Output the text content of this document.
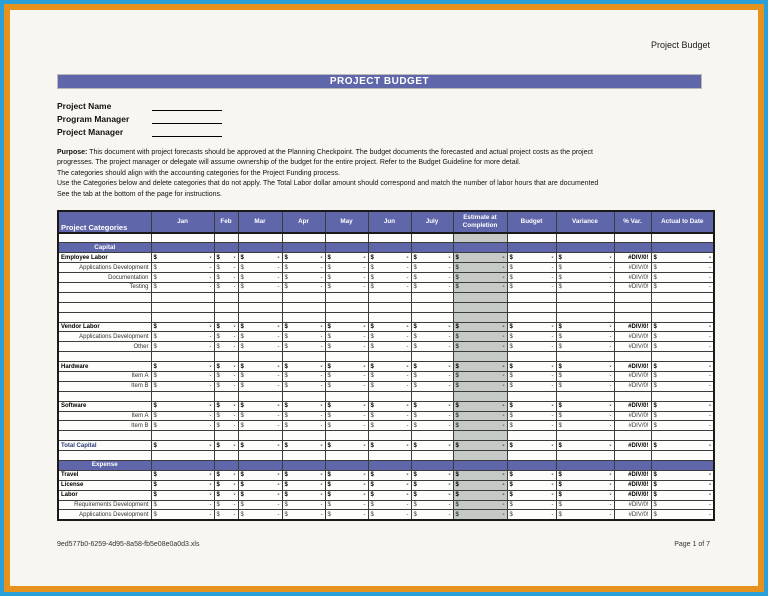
Project Budget
PROJECT BUDGET
Project Name
Program Manager
Project Manager
Purpose: This document with project forecasts should be approved at the Planning Checkpoint. The budget documents the forecasted and actual project costs as the project
progresses. The project manager or delegate will assume ownership of the budget for the entire project. Refer to the Budget Guideline for more detail.
The categories should align with the accounting categories for the Project Funding process.
Use the Categories below and delete categories that do not apply. The Total Labor dollar amount should correspond and match the number of labor hours that are documented
See the tab at the bottom of the page for instructions.
Project Categories	Jan	Feb	Mar	Apr	May	Jun	July	Estimate at Completion	Budget	Variance	% Var.	Actual to Date

Capital												
Employee Labor	$ -	$ -	$ -	$ -	$ -	$ -	$ -	$ -	$ -	$ -	#DIV/0!	$ -

Applications Development	$ -	$ -	$ -	$ -	$ -	$ -	$ -	$ -	$ -	$ -	#DIV/0!	$ -

Documentation	$ -	$ -	$ -	$ -	$ -	$ -	$ -	$ -	$ -	$ -	#DIV/0!	$ -

Testing	$ -	$ -	$ -	$ -	$ -	$ -	$ -	$ -	$ -	$ -	#DIV/0!	$ -

Vendor Labor	$ -	$ -	$ -	$ -	$ -	$ -	$ -	$ -	$ -	$ -	#DIV/0!	$ -

Applications Development	$ -	$ -	$ -	$ -	$ -	$ -	$ -	$ -	$ -	$ -	#DIV/0!	$ -

Other	$ -	$ -	$ -	$ -	$ -	$ -	$ -	$ -	$ -	$ -	#DIV/0!	$ -

Hardware	$ -	$ -	$ -	$ -	$ -	$ -	$ -	$ -	$ -	$ -	#DIV/0!	$ -

Item A	$ -	$ -	$ -	$ -	$ -	$ -	$ -	$ -	$ -	$ -	#DIV/0!	$ -

Item B	$ -	$ -	$ -	$ -	$ -	$ -	$ -	$ -	$ -	$ -	#DIV/0!	$ -

Software	$ -	$ -	$ -	$ -	$ -	$ -	$ -	$ -	$ -	$ -	#DIV/0!	$ -

Item A	$ -	$ -	$ -	$ -	$ -	$ -	$ -	$ -	$ -	$ -	#DIV/0!	$ -

Item B	$ -	$ -	$ -	$ -	$ -	$ -	$ -	$ -	$ -	$ -	#DIV/0!	$ -

Total Capital	$ -	$ -	$ -	$ -	$ -	$ -	$ -	$ -	$ -	$ -	#DIV/0!	$ -

Expense												
Travel	$ -	$ -	$ -	$ -	$ -	$ -	$ -	$ -	$ -	$ -	#DIV/0!	$ -

License	$ -	$ -	$ -	$ -	$ -	$ -	$ -	$ -	$ -	$ -	#DIV/0!	$ -

Labor	$ -	$ -	$ -	$ -	$ -	$ -	$ -	$ -	$ -	$ -	#DIV/0!	$ -

Requirements Development	$ -	$ -	$ -	$ -	$ -	$ -	$ -	$ -	$ -	$ -	#DIV/0!	$ -

Applications Development	$ -	$ -	$ -	$ -	$ -	$ -	$ -	$ -	$ -	$ -	#DIV/0!	$ -
9ed577b0-6259-4d95-8a58-fb5e08e0a0d3.xls	Page 1 of 7
